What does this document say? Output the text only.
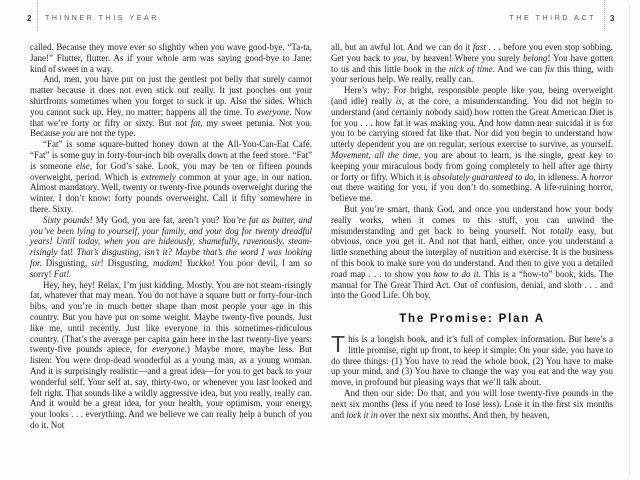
2 THINNER THIS YEAR	THE THIRD ACT 3

called. Because they move ever so slightly when you wave good-bye. “Ta-ta, Jane!” Flutter, flutter. As if your whole arm was saying good-bye to Jane; kind of sweet in a way.

And, men, you have put on just the gentlest pot belly that surely cannot matter because it does not even stick out really. It just pooches out your shirtfronts sometimes when you forget to suck it up. Also the sides. Which you cannot suck up. Hey, no matter; happens all the time. To everyone. Now that we’re forty or fifty or sixty. But not fat, my sweet petunia. Not you. Because you are not the type.

“Fat” is some square-butted honey down at the All-You-Can-Eat Café. “Fat” is some guy in forty-four-inch bib overalls down at the feed store. “Fat” is someone else, for God’s sake. Look, you may be ten or fifteen pounds overweight, period. Which is extremely common at your age, in our nation. Almost mandatory. Well, twenty or twenty-five pounds overweight during the winter. I don’t know: forty pounds overweight. Call it fifty somewhere in there. Sixty.

Sixty pounds! My God, you are fat, aren’t you? You’re fat as butter, and you’ve been lying to yourself, your family, and your dog for twenty dreadful years! Until today, when you are hideously, shamefully, ravenously, steam-risingly fat! That’s disgusting, isn’t it? Maybe that’s the word I was looking for. Disgusting, sir! Disgusting, madam! Yuckko! You poor devil, I am so sorry! Fat!

Hey, hey, hey! Relax, I’m just kidding. Mostly. You are not steam-risingly fat, whatever that may mean. You do not have a square butt or forty-four-inch bibs, and you’re in much better shape than most people your age in this country. But you have put on some weight. Maybe twenty-five pounds. Just like me, until recently. Just like everyone in this sometimes-ridiculous country. (That’s the average per capita gain here in the last twenty-five years: twenty-five pounds apiece, for everyone.) Maybe more, maybe less. But listen: You were drop-dead wonderful as a young man, as a young woman. And it is surprisingly realistic—and a great idea—for you to get back to your wonderful self. Your self at, say, thirty-two, or whenever you last looked and felt right. That sounds like a wildly aggressive idea, but you really, really can. And it would be a great idea, for your health, your optimism, your energy, your looks . . . everything. And we believe we can really help a bunch of you do it. Not

all, but an awful lot. And we can do it fast . . . before you even stop sobbing. Get you back to you, by heaven! Where you surely belong! You have gotten to us and this little book in the nick of time. And we can fix this thing, with your serious help. We really, really can.

Here’s why: For bright, responsible people like you, being overweight (and idle) really is, at the core, a misunderstanding. You did not begin to understand (and certainly nobody said) how rotten the Great American Diet is for you . . . how fat it was making you. And how damn near suicidal it is for you to be carrying stored fat like that. Nor did you begin to understand how utterly dependent you are on regular, serious exercise to survive, as yourself. Movement, all the time, you are about to learn, is the single, great key to keeping your miraculous body from going completely to hell after age thirty or forty or fifty. Which it is absolutely guaranteed to do, in idleness. A horror out there waiting for you, if you don’t do something. A life-ruining horror, believe me.

But you’re smart, thank God, and once you understand how your body really works, when it comes to this stuff, you can unwind the misunderstanding and get back to being yourself. Not totally easy, but obvious, once you get it. And not that hard, either, once you understand a little something about the interplay of nutrition and exercise. It is the business of this book to make sure you do understand. And then to give you a detailed road map . . . to show you how to do it. This is a “how-to” book, kids. The manual for The Great Third Act. Out of confusion, denial, and sloth . . . and into the Good Life. Oh boy.

The Promise: Plan A

This is a longish book, and it’s full of complex information. But here’s a little promise, right up front, to keep it simple: On your side, you have to do three things: (1) You have to read the whole book, (2) You have to make up your mind, and (3) You have to change the way you eat and the way you move, in profound but pleasing ways that we’ll talk about.

And then our side: Do that, and you will lose twenty-five pounds in the next six months (less if you need to lose less). Lose it in the first six months and lock it in over the next six months. And then, by heaven,
